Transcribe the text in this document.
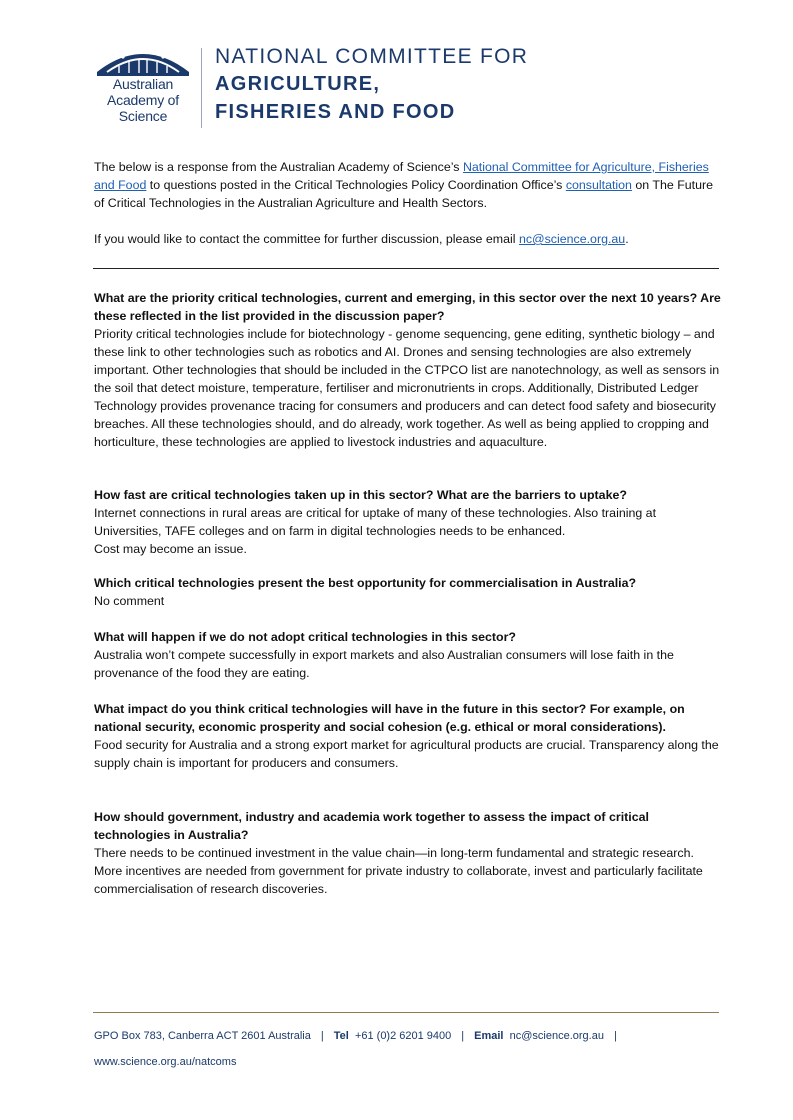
Australian
Academy of
Science
NATIONAL COMMITTEE FOR
AGRICULTURE,
FISHERIES AND FOOD

The below is a response from the Australian Academy of Science’s National Committee for Agriculture, Fisheries and Food to questions posted in the Critical Technologies Policy Coordination Office’s consultation on The Future of Critical Technologies in the Australian Agriculture and Health Sectors.

If you would like to contact the committee for further discussion, please email nc@science.org.au.

What are the priority critical technologies, current and emerging, in this sector over the next 10 years? Are these reflected in the list provided in the discussion paper?

Priority critical technologies include for biotechnology - genome sequencing, gene editing, synthetic biology – and these link to other technologies such as robotics and AI. Drones and sensing technologies are also extremely important. Other technologies that should be included in the CTPCO list are nanotechnology, as well as sensors in the soil that detect moisture, temperature, fertiliser and micronutrients in crops. Additionally, Distributed Ledger Technology provides provenance tracing for consumers and producers and can detect food safety and biosecurity breaches. All these technologies should, and do already, work together. As well as being applied to cropping and horticulture, these technologies are applied to livestock industries and aquaculture.

How fast are critical technologies taken up in this sector? What are the barriers to uptake?

Internet connections in rural areas are critical for uptake of many of these technologies. Also training at Universities, TAFE colleges and on farm in digital technologies needs to be enhanced.

Cost may become an issue.

Which critical technologies present the best opportunity for commercialisation in Australia?

No comment

What will happen if we do not adopt critical technologies in this sector?

Australia won’t compete successfully in export markets and also Australian consumers will lose faith in the provenance of the food they are eating.

What impact do you think critical technologies will have in the future in this sector? For example, on national security, economic prosperity and social cohesion (e.g. ethical or moral considerations).

Food security for Australia and a strong export market for agricultural products are crucial. Transparency along the supply chain is important for producers and consumers.

How should government, industry and academia work together to assess the impact of critical technologies in Australia?

There needs to be continued investment in the value chain—in long-term fundamental and strategic research. More incentives are needed from government for private industry to collaborate, invest and particularly facilitate commercialisation of research discoveries.

GPO Box 783, Canberra ACT 2601 Australia | Tel +61 (0)2 6201 9400 | Email nc@science.org.au |
www.science.org.au/natcoms
